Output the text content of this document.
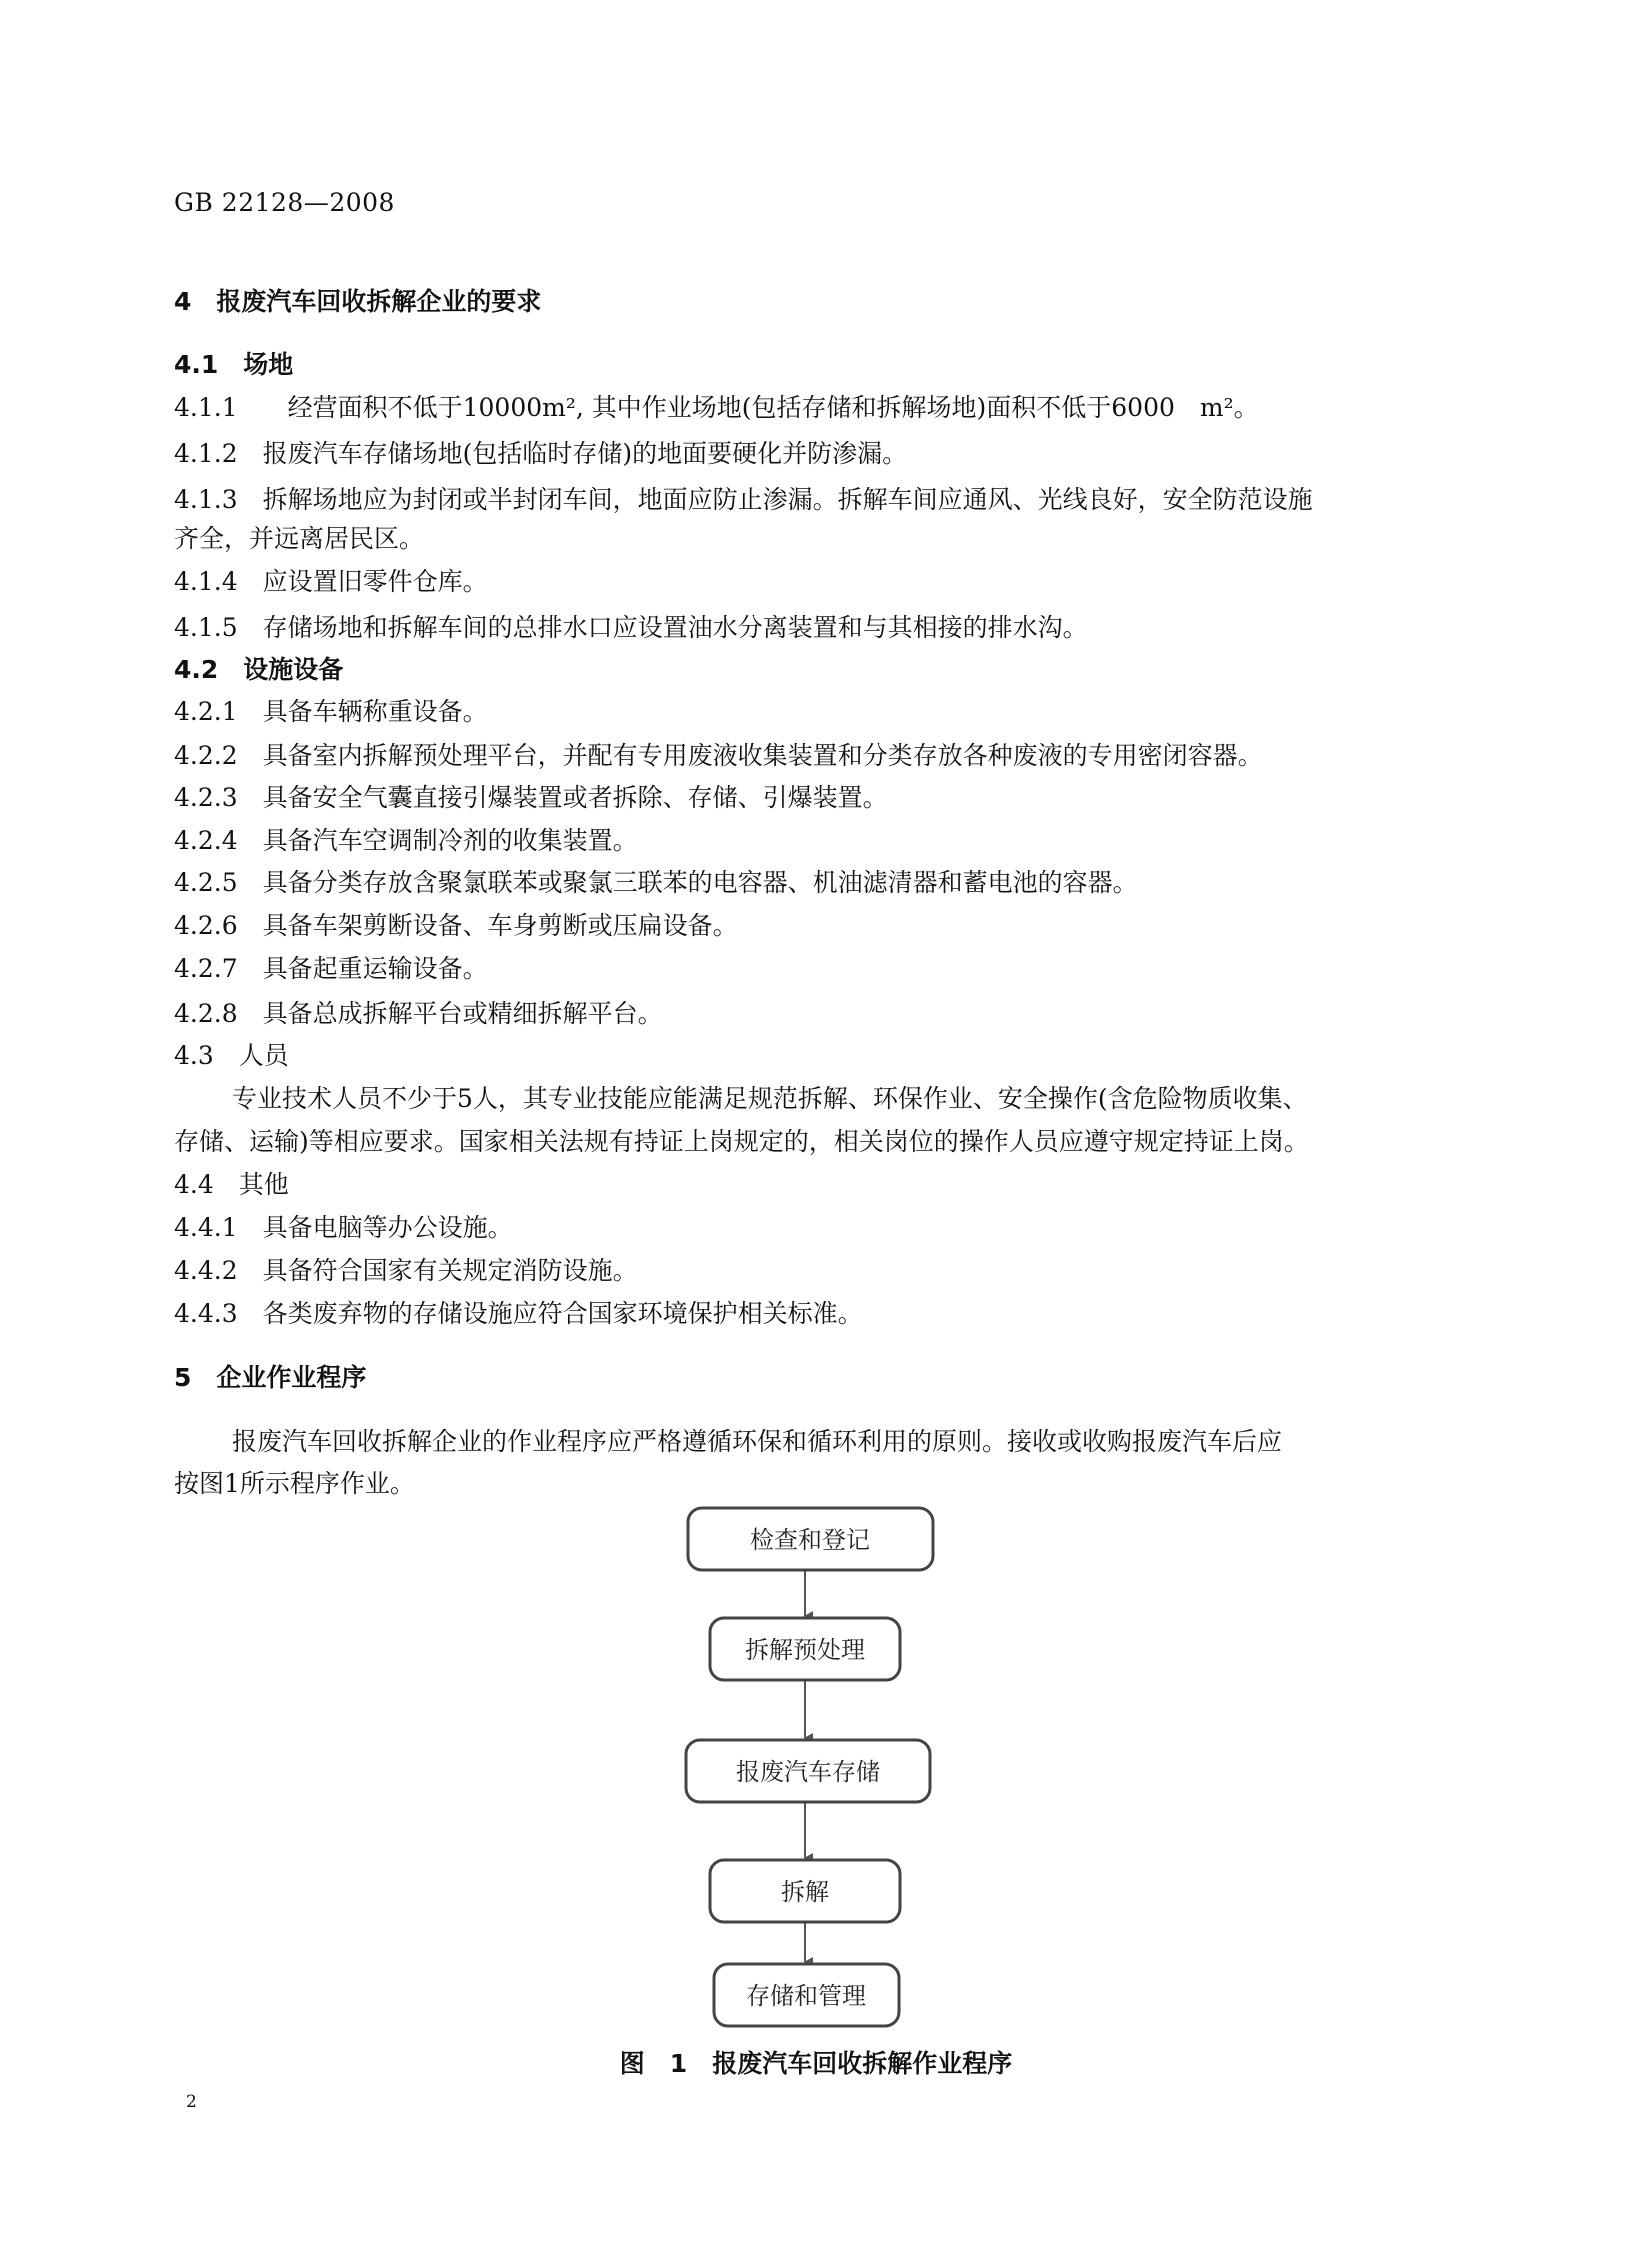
GB 22128—2008
4　报废汽车回收拆解企业的要求
4.1　场地
4.1.1　　经营面积不低于10000m², 其中作业场地(包括存储和拆解场地)面积不低于6000　m²。
4.1.2　报废汽车存储场地(包括临时存储)的地面要硬化并防渗漏。
4.1.3　拆解场地应为封闭或半封闭车间，地面应防止渗漏。拆解车间应通风、光线良好，安全防范设施
齐全，并远离居民区。
4.1.4　应设置旧零件仓库。
4.1.5　存储场地和拆解车间的总排水口应设置油水分离装置和与其相接的排水沟。
4.2　设施设备
4.2.1　具备车辆称重设备。
4.2.2　具备室内拆解预处理平台，并配有专用废液收集装置和分类存放各种废液的专用密闭容器。
4.2.3　具备安全气囊直接引爆装置或者拆除、存储、引爆装置。
4.2.4　具备汽车空调制冷剂的收集装置。
4.2.5　具备分类存放含聚氯联苯或聚氯三联苯的电容器、机油滤清器和蓄电池的容器。
4.2.6　具备车架剪断设备、车身剪断或压扁设备。
4.2.7　具备起重运输设备。
4.2.8　具备总成拆解平台或精细拆解平台。
4.3　人员
专业技术人员不少于5人，其专业技能应能满足规范拆解、环保作业、安全操作(含危险物质收集、
存储、运输)等相应要求。国家相关法规有持证上岗规定的，相关岗位的操作人员应遵守规定持证上岗。
4.4　其他
4.4.1　具备电脑等办公设施。
4.4.2　具备符合国家有关规定消防设施。
4.4.3　各类废弃物的存储设施应符合国家环境保护相关标准。
5　企业作业程序
报废汽车回收拆解企业的作业程序应严格遵循环保和循环利用的原则。接收或收购报废汽车后应
按图1所示程序作业。
检查和登记
拆解预处理
报废汽车存储
拆解
存储和管理
图　1　报废汽车回收拆解作业程序
2
